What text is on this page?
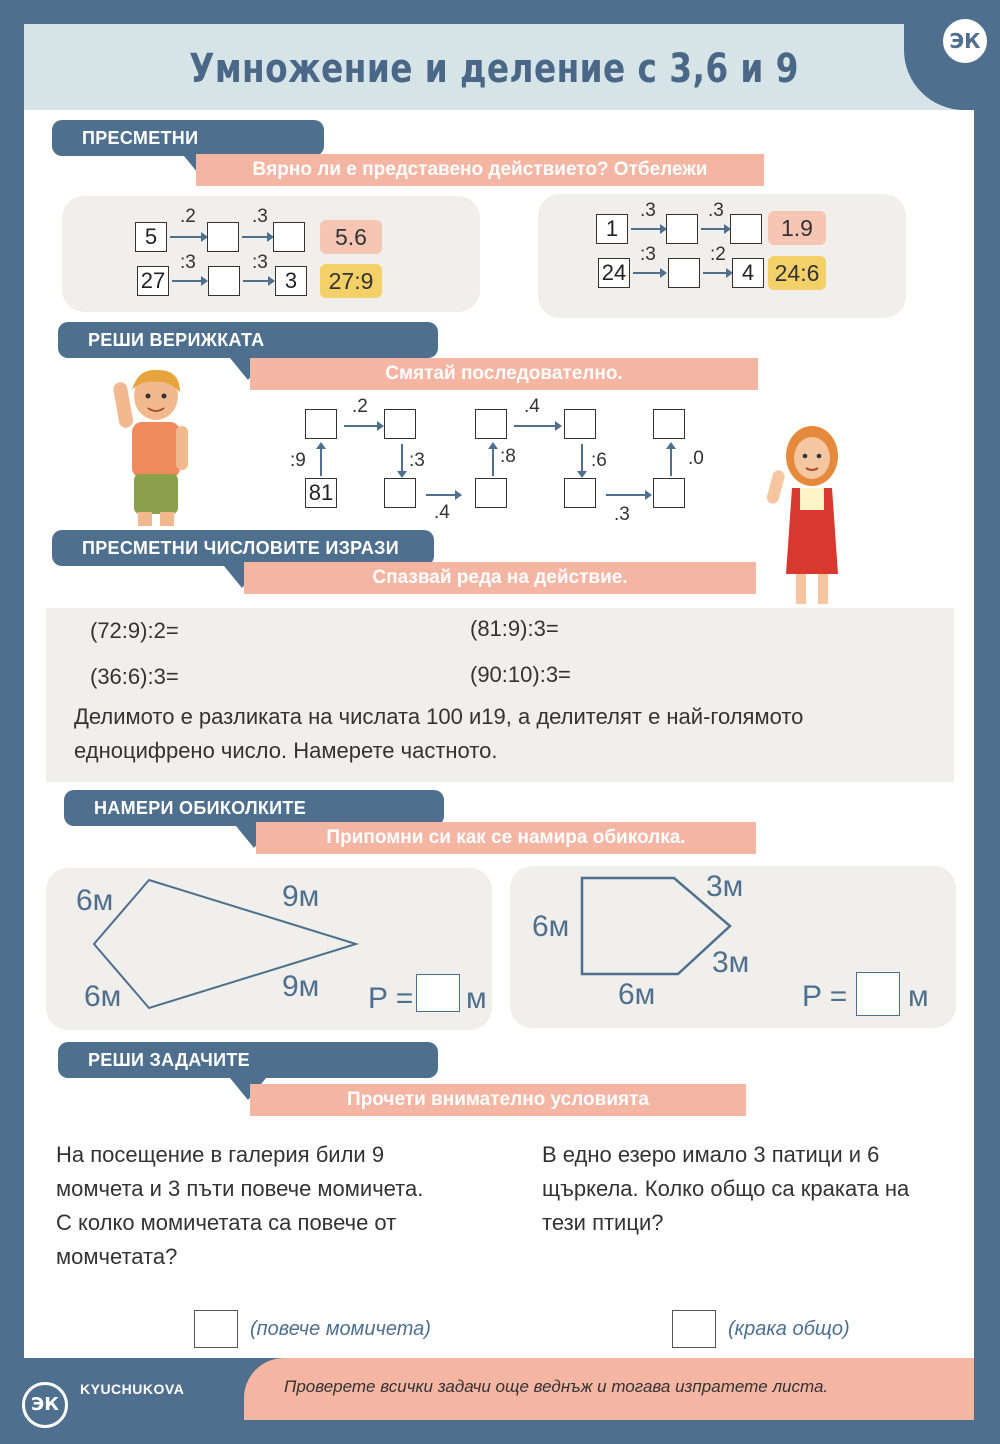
Умножение и деление с 3,6 и 9
ПРЕСМЕТНИ
Вярно ли е представено действието? Отбележи
5
.2	.3
5.6
27
:3	:3
3	27:9
1
.3	.3
1.9
24
:3	:2
4 24:6
РЕШИ ВЕРИЖКАТА
Смятай последователно.
.2
:9
81
:3
.4
:8
.4
:6
.3
.0
ПРЕСМЕТНИ ЧИСЛОВИТЕ ИЗРАЗИ
Спазвай реда на действие.
(72:9):2=	(81:9):3=
(36:6):3=	(90:10):3=
Делимото е разликата на числата 100 и19, а делителят е най-голямото
едноцифрено число. Намерете частното.
НАМЕРИ ОБИКОЛКИТЕ
Припомни си как се намира обиколка.
6м	9м
9м
6м	P = м
6м
3м
3м
6м	P = м
РЕШИ ЗАДАЧИТЕ
Прочети внимателно условията
На посещение в галерия били 9
момчета и 3 пъти повече момичета.
С колко момичетата са повече от
момчетата?
В едно езеро имало 3 патици и 6
щъркела. Колко общо са краката на
тези птици?
(повече момичета)	(крака общо)
Проверете всички задачи още веднъж и тогава изпратете листа.
KYUCHUKOVA
ЭК
ЭК
